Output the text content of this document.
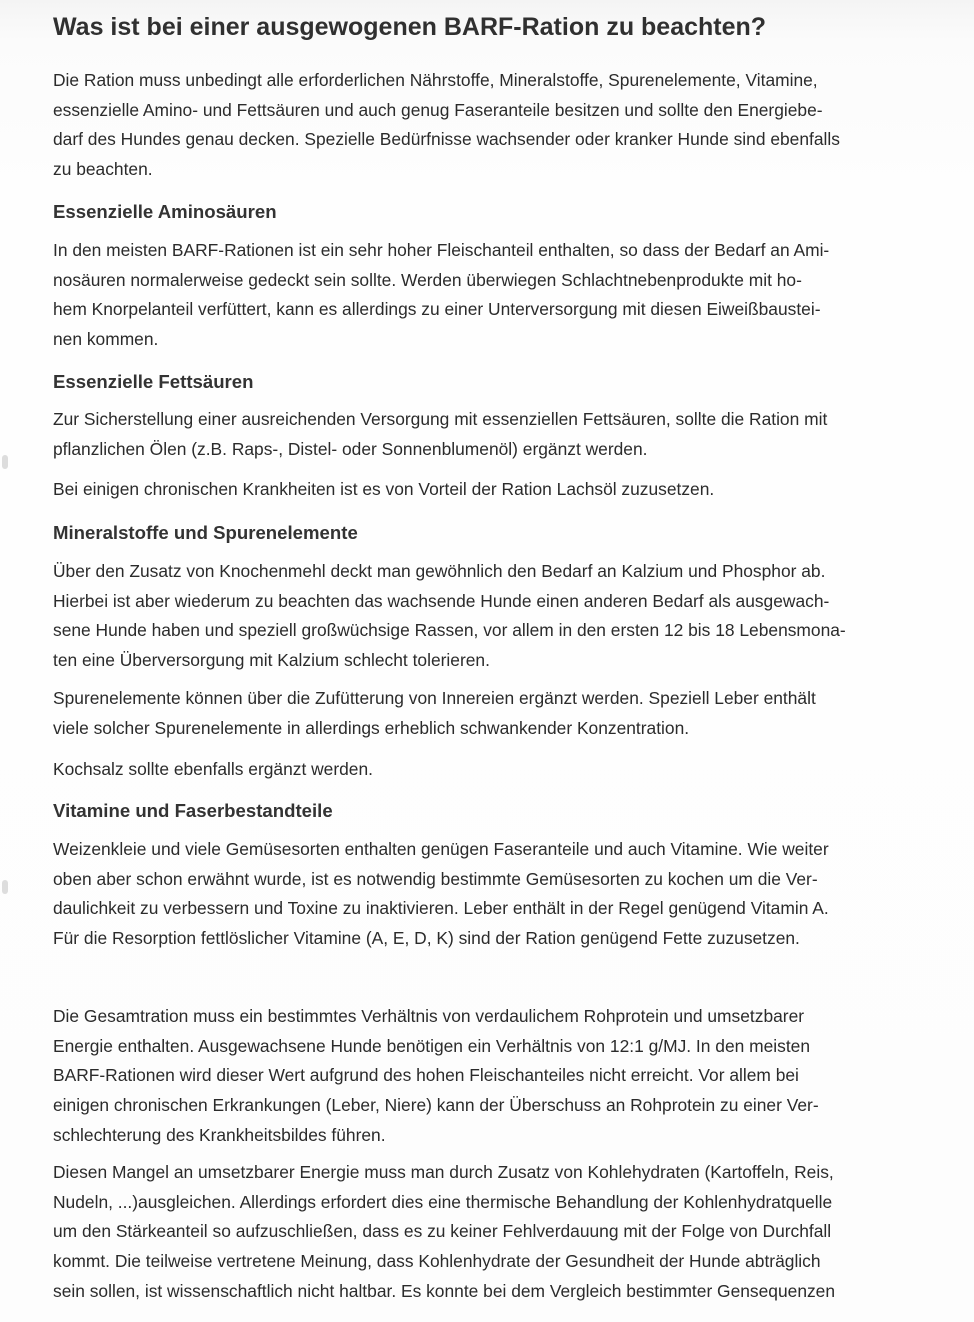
Was ist bei einer ausgewogenen BARF-Ration zu beachten?

Die Ration muss unbedingt alle erforderlichen Nährstoffe, Mineralstoffe, Spurenelemente, Vitamine,
essenzielle Amino- und Fettsäuren und auch genug Faseranteile besitzen und sollte den Energiebe-
darf des Hundes genau decken. Spezielle Bedürfnisse wachsender oder kranker Hunde sind ebenfalls
zu beachten.

Essenzielle Aminosäuren

In den meisten BARF-Rationen ist ein sehr hoher Fleischanteil enthalten, so dass der Bedarf an Ami-
nosäuren normalerweise gedeckt sein sollte. Werden überwiegen Schlachtnebenprodukte mit ho-
hem Knorpelanteil verfüttert, kann es allerdings zu einer Unterversorgung mit diesen Eiweißbaustei-
nen kommen.

Essenzielle Fettsäuren

Zur Sicherstellung einer ausreichenden Versorgung mit essenziellen Fettsäuren, sollte die Ration mit
pflanzlichen Ölen (z.B. Raps-, Distel- oder Sonnenblumenöl) ergänzt werden.

Bei einigen chronischen Krankheiten ist es von Vorteil der Ration Lachsöl zuzusetzen.

Mineralstoffe und Spurenelemente

Über den Zusatz von Knochenmehl deckt man gewöhnlich den Bedarf an Kalzium und Phosphor ab.
Hierbei ist aber wiederum zu beachten das wachsende Hunde einen anderen Bedarf als ausgewach-
sene Hunde haben und speziell großwüchsige Rassen, vor allem in den ersten 12 bis 18 Lebensmona-
ten eine Überversorgung mit Kalzium schlecht tolerieren.

Spurenelemente können über die Zufütterung von Innereien ergänzt werden. Speziell Leber enthält
viele solcher Spurenelemente in allerdings erheblich schwankender Konzentration.

Kochsalz sollte ebenfalls ergänzt werden.

Vitamine und Faserbestandteile

Weizenkleie und viele Gemüsesorten enthalten genügen Faseranteile und auch Vitamine. Wie weiter
oben aber schon erwähnt wurde, ist es notwendig bestimmte Gemüsesorten zu kochen um die Ver-
daulichkeit zu verbessern und Toxine zu inaktivieren. Leber enthält in der Regel genügend Vitamin A.
Für die Resorption fettlöslicher Vitamine (A, E, D, K) sind der Ration genügend Fette zuzusetzen.

Die Gesamtration muss ein bestimmtes Verhältnis von verdaulichem Rohprotein und umsetzbarer
Energie enthalten. Ausgewachsene Hunde benötigen ein Verhältnis von 12:1 g/MJ. In den meisten
BARF-Rationen wird dieser Wert aufgrund des hohen Fleischanteiles nicht erreicht. Vor allem bei
einigen chronischen Erkrankungen (Leber, Niere) kann der Überschuss an Rohprotein zu einer Ver-
schlechterung des Krankheitsbildes führen.

Diesen Mangel an umsetzbarer Energie muss man durch Zusatz von Kohlehydraten (Kartoffeln, Reis,
Nudeln, ...)ausgleichen. Allerdings erfordert dies eine thermische Behandlung der Kohlenhydratquelle
um den Stärkeanteil so aufzuschließen, dass es zu keiner Fehlverdauung mit der Folge von Durchfall
kommt. Die teilweise vertretene Meinung, dass Kohlenhydrate der Gesundheit der Hunde abträglich
sein sollen, ist wissenschaftlich nicht haltbar. Es konnte bei dem Vergleich bestimmter Gensequenzen
